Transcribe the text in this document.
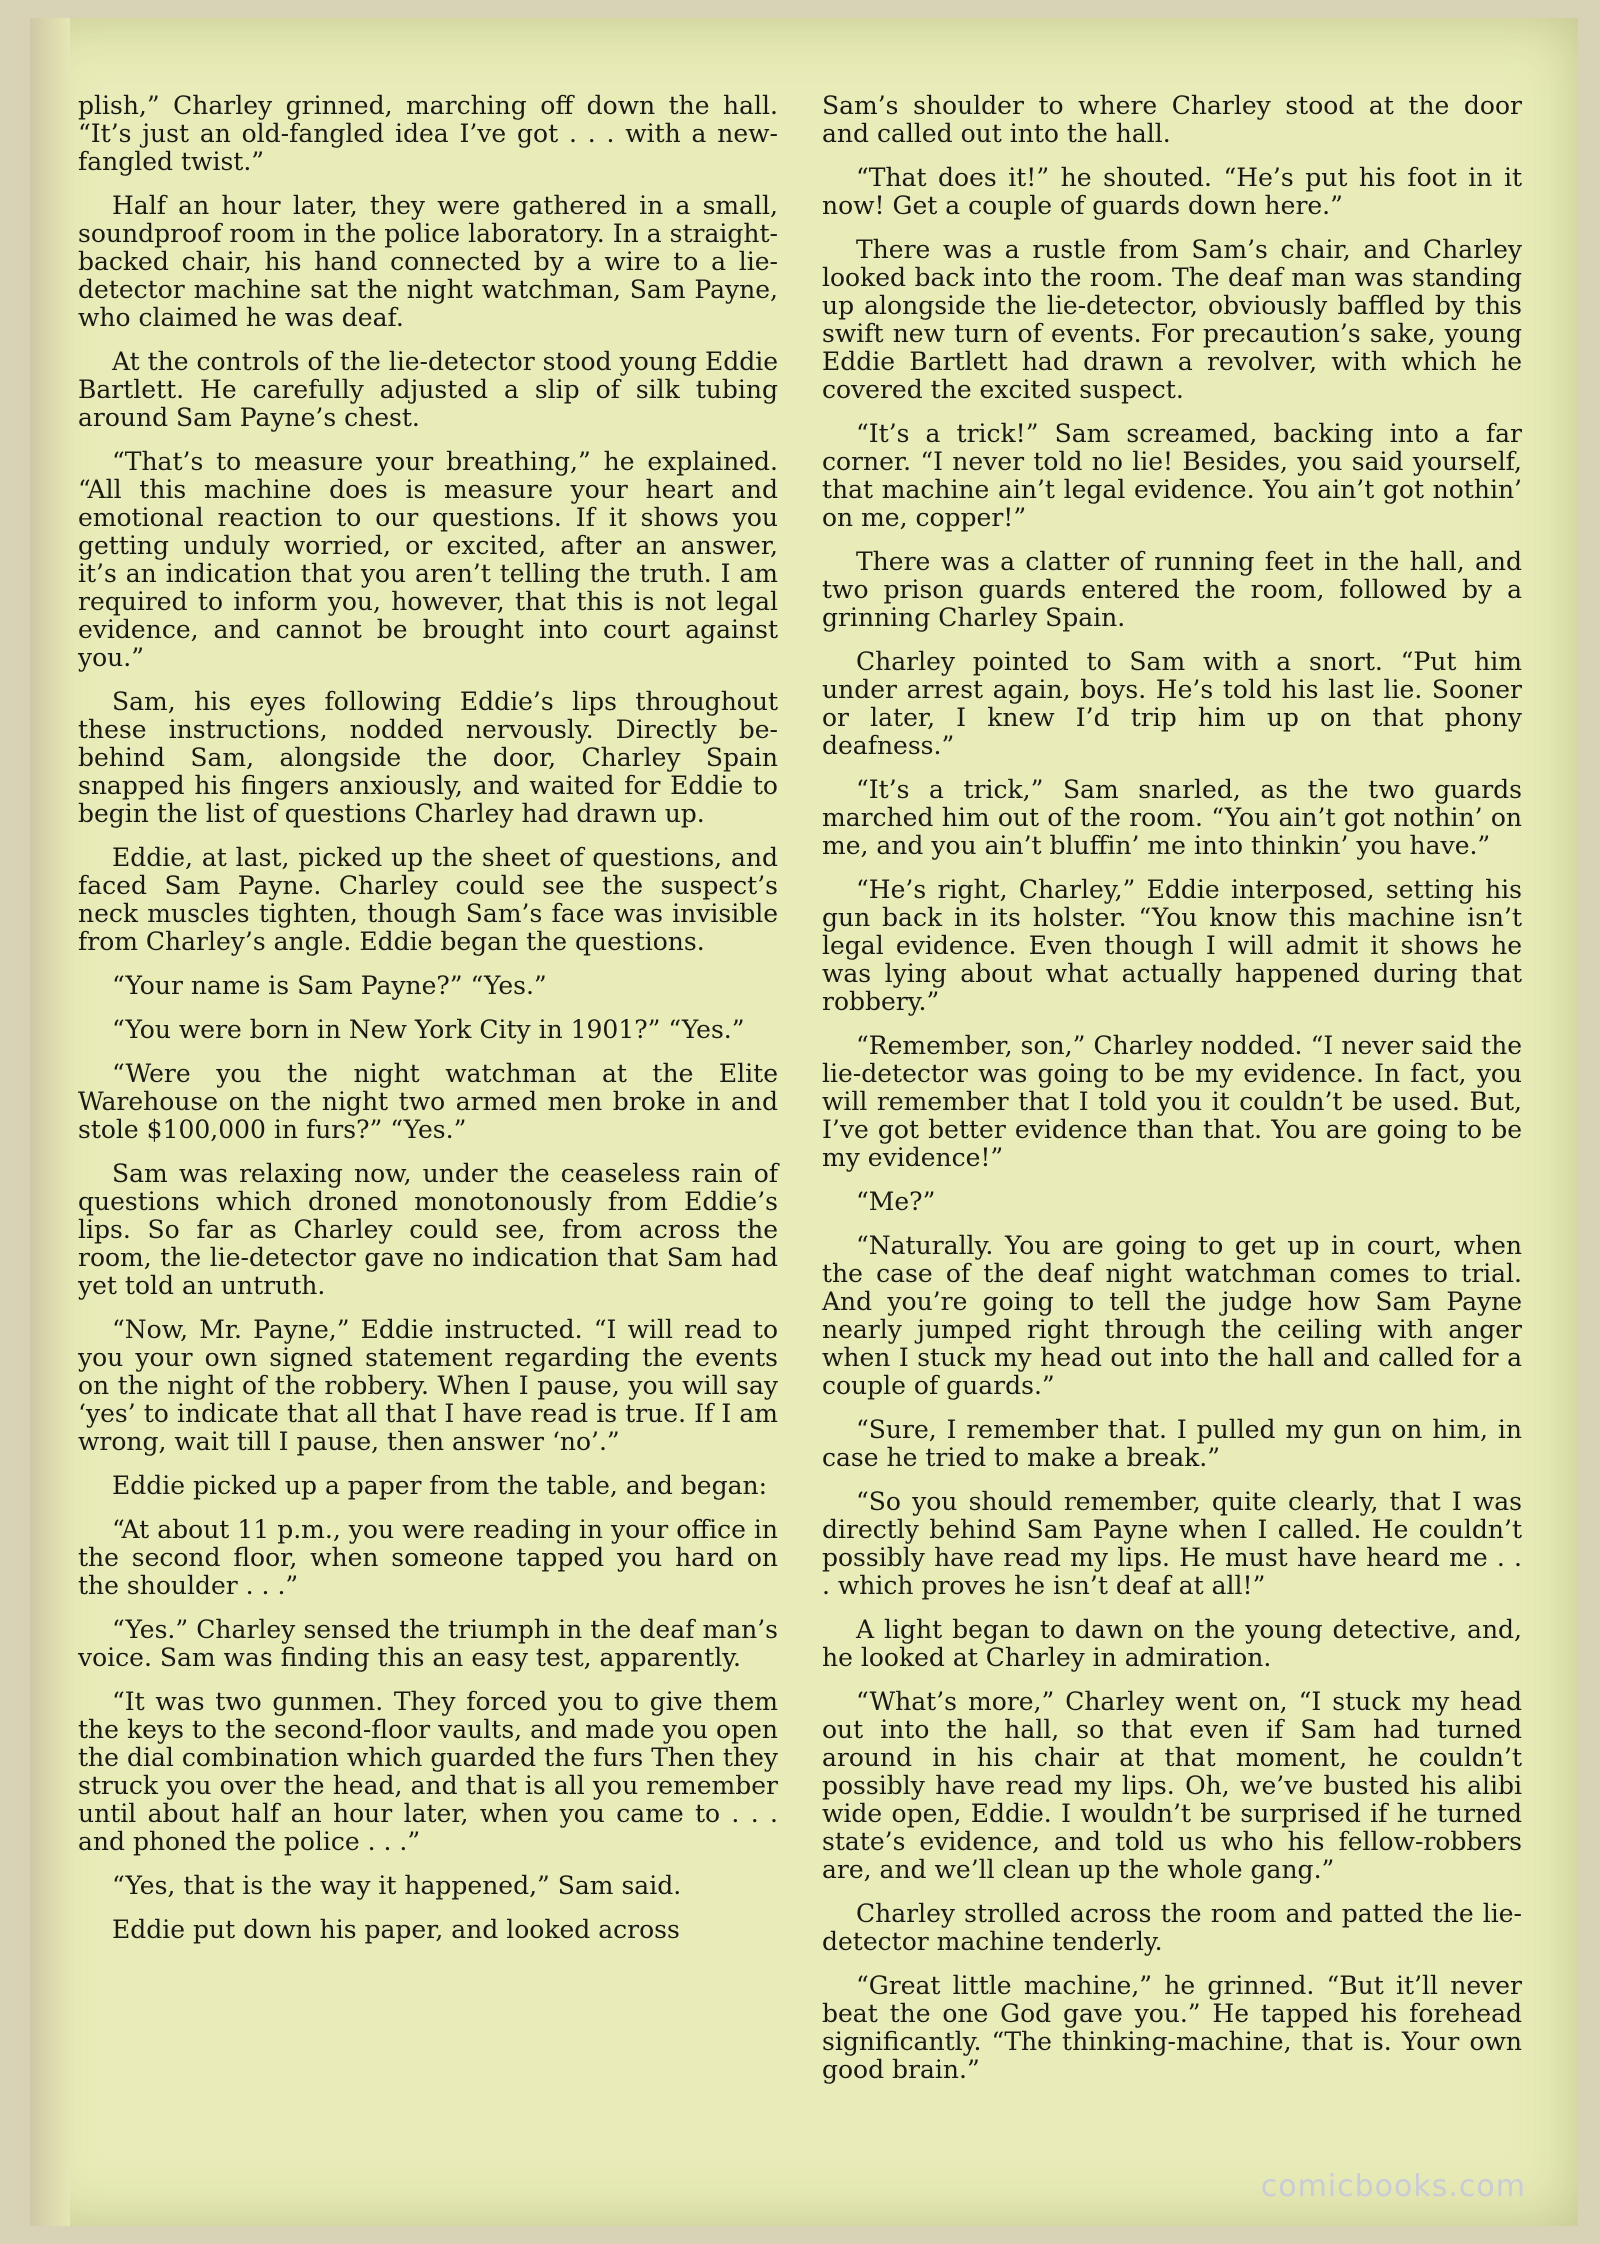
plish,” Charley grinned, marching off down the hall. “It’s just an old-fangled idea I’ve got . . . with a new-fangled twist.”

Half an hour later, they were gathered in a small, soundproof room in the police laboratory. In a straight-backed chair, his hand connected by a wire to a lie-detector machine sat the night watchman, Sam Payne, who claimed he was deaf.

At the controls of the lie-detector stood young Eddie Bartlett. He carefully adjusted a slip of silk tubing around Sam Payne’s chest.

“That’s to measure your breathing,” he explained. “All this machine does is measure your heart and emotional reaction to our questions. If it shows you getting unduly worried, or excited, after an answer, it’s an indication that you aren’t telling the truth. I am required to inform you, however, that this is not legal evidence, and cannot be brought into court against you.”

Sam, his eyes following Eddie’s lips throughout these instructions, nodded nervously. Directly be-behind Sam, alongside the door, Charley Spain snapped his fingers anxiously, and waited for Eddie to begin the list of questions Charley had drawn up.

Eddie, at last, picked up the sheet of questions, and faced Sam Payne. Charley could see the suspect’s neck muscles tighten, though Sam’s face was invisible from Charley’s angle. Eddie began the questions.

“Your name is Sam Payne?” “Yes.”

“You were born in New York City in 1901?” “Yes.”

“Were you the night watchman at the Elite Warehouse on the night two armed men broke in and stole $100,000 in furs?” “Yes.”

Sam was relaxing now, under the ceaseless rain of questions which droned monotonously from Eddie’s lips. So far as Charley could see, from across the room, the lie-detector gave no indication that Sam had yet told an untruth.

“Now, Mr. Payne,” Eddie instructed. “I will read to you your own signed statement regarding the events on the night of the robbery. When I pause, you will say ‘yes’ to indicate that all that I have read is true. If I am wrong, wait till I pause, then answer ‘no’.”

Eddie picked up a paper from the table, and began:

“At about 11 p.m., you were reading in your office in the second floor, when someone tapped you hard on the shoulder . . .”

“Yes.” Charley sensed the triumph in the deaf man’s voice. Sam was finding this an easy test, apparently.

“It was two gunmen. They forced you to give them the keys to the second-floor vaults, and made you open the dial combination which guarded the furs Then they struck you over the head, and that is all you remember until about half an hour later, when you came to . . . and phoned the police . . .”

“Yes, that is the way it happened,” Sam said.

Eddie put down his paper, and looked across

Sam’s shoulder to where Charley stood at the door and called out into the hall.

“That does it!” he shouted. “He’s put his foot in it now! Get a couple of guards down here.”

There was a rustle from Sam’s chair, and Charley looked back into the room. The deaf man was standing up alongside the lie-detector, obviously baffled by this swift new turn of events. For precaution’s sake, young Eddie Bartlett had drawn a revolver, with which he covered the excited suspect.

“It’s a trick!” Sam screamed, backing into a far corner. “I never told no lie! Besides, you said yourself, that machine ain’t legal evidence. You ain’t got nothin’ on me, copper!”

There was a clatter of running feet in the hall, and two prison guards entered the room, followed by a grinning Charley Spain.

Charley pointed to Sam with a snort. “Put him under arrest again, boys. He’s told his last lie. Sooner or later, I knew I’d trip him up on that phony deafness.”

“It’s a trick,” Sam snarled, as the two guards marched him out of the room. “You ain’t got nothin’ on me, and you ain’t bluffin’ me into thinkin’ you have.”

“He’s right, Charley,” Eddie interposed, setting his gun back in its holster. “You know this machine isn’t legal evidence. Even though I will admit it shows he was lying about what actually happened during that robbery.”

“Remember, son,” Charley nodded. “I never said the lie-detector was going to be my evidence. In fact, you will remember that I told you it couldn’t be used. But, I’ve got better evidence than that. You are going to be my evidence!”

“Me?”

“Naturally. You are going to get up in court, when the case of the deaf night watchman comes to trial. And you’re going to tell the judge how Sam Payne nearly jumped right through the ceiling with anger when I stuck my head out into the hall and called for a couple of guards.”

“Sure, I remember that. I pulled my gun on him, in case he tried to make a break.”

“So you should remember, quite clearly, that I was directly behind Sam Payne when I called. He couldn’t possibly have read my lips. He must have heard me . . . which proves he isn’t deaf at all!”

A light began to dawn on the young detective, and, he looked at Charley in admiration.

“What’s more,” Charley went on, “I stuck my head out into the hall, so that even if Sam had turned around in his chair at that moment, he couldn’t possibly have read my lips. Oh, we’ve busted his alibi wide open, Eddie. I wouldn’t be surprised if he turned state’s evidence, and told us who his fellow-robbers are, and we’ll clean up the whole gang.”

Charley strolled across the room and patted the lie-detector machine tenderly.

“Great little machine,” he grinned. “But it’ll never beat the one God gave you.” He tapped his forehead significantly. “The thinking-machine, that is. Your own good brain.”

comicbooks.com
